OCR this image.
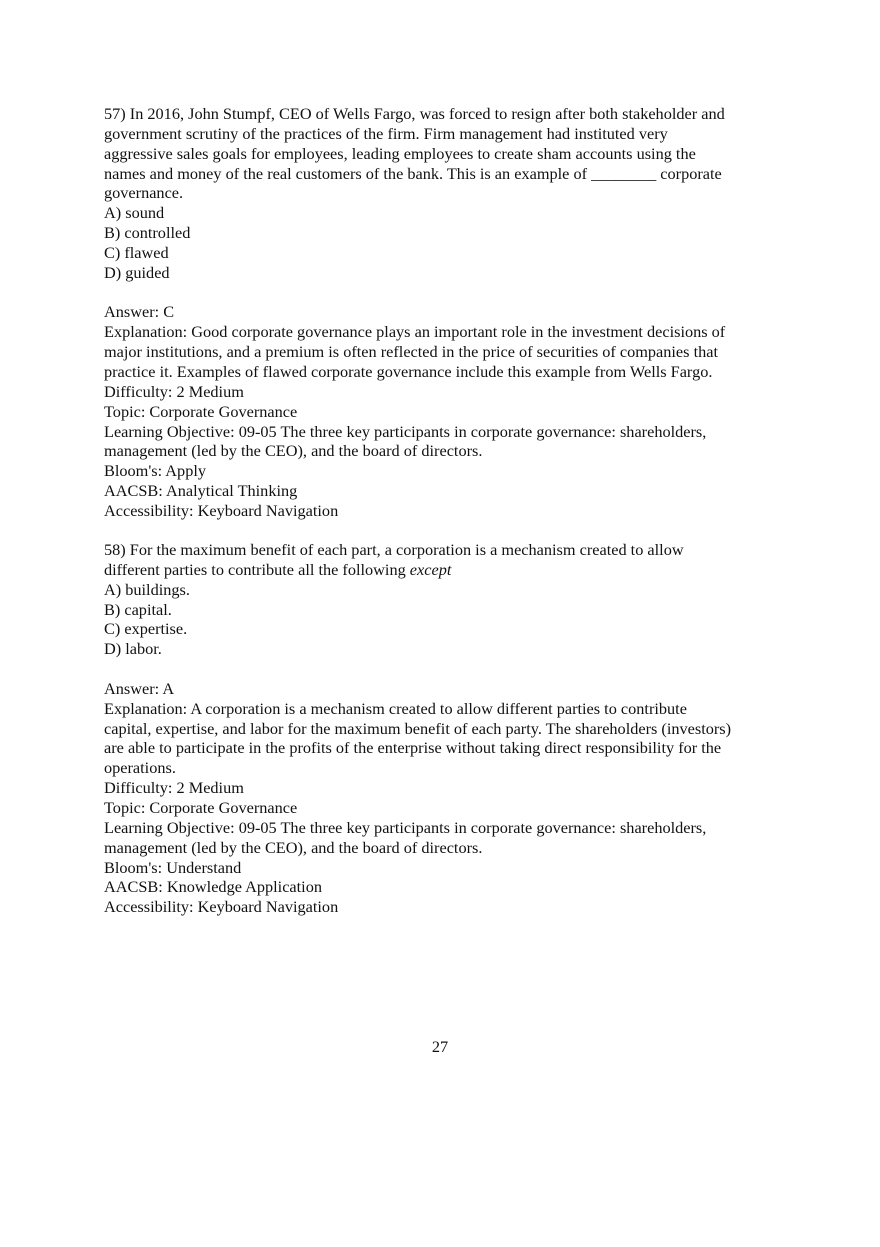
57) In 2016, John Stumpf, CEO of Wells Fargo, was forced to resign after both stakeholder and
government scrutiny of the practices of the firm. Firm management had instituted very
aggressive sales goals for employees, leading employees to create sham accounts using the
names and money of the real customers of the bank. This is an example of ________ corporate
governance.
A) sound
B) controlled
C) flawed
D) guided
Answer: C
Explanation: Good corporate governance plays an important role in the investment decisions of
major institutions, and a premium is often reflected in the price of securities of companies that
practice it. Examples of flawed corporate governance include this example from Wells Fargo.
Difficulty: 2 Medium
Topic: Corporate Governance
Learning Objective: 09-05 The three key participants in corporate governance: shareholders,
management (led by the CEO), and the board of directors.
Bloom's: Apply
AACSB: Analytical Thinking
Accessibility: Keyboard Navigation
58) For the maximum benefit of each part, a corporation is a mechanism created to allow
different parties to contribute all the following except
A) buildings.
B) capital.
C) expertise.
D) labor.
Answer: A
Explanation: A corporation is a mechanism created to allow different parties to contribute
capital, expertise, and labor for the maximum benefit of each party. The shareholders (investors)
are able to participate in the profits of the enterprise without taking direct responsibility for the
operations.
Difficulty: 2 Medium
Topic: Corporate Governance
Learning Objective: 09-05 The three key participants in corporate governance: shareholders,
management (led by the CEO), and the board of directors.
Bloom's: Understand
AACSB: Knowledge Application
Accessibility: Keyboard Navigation
27
